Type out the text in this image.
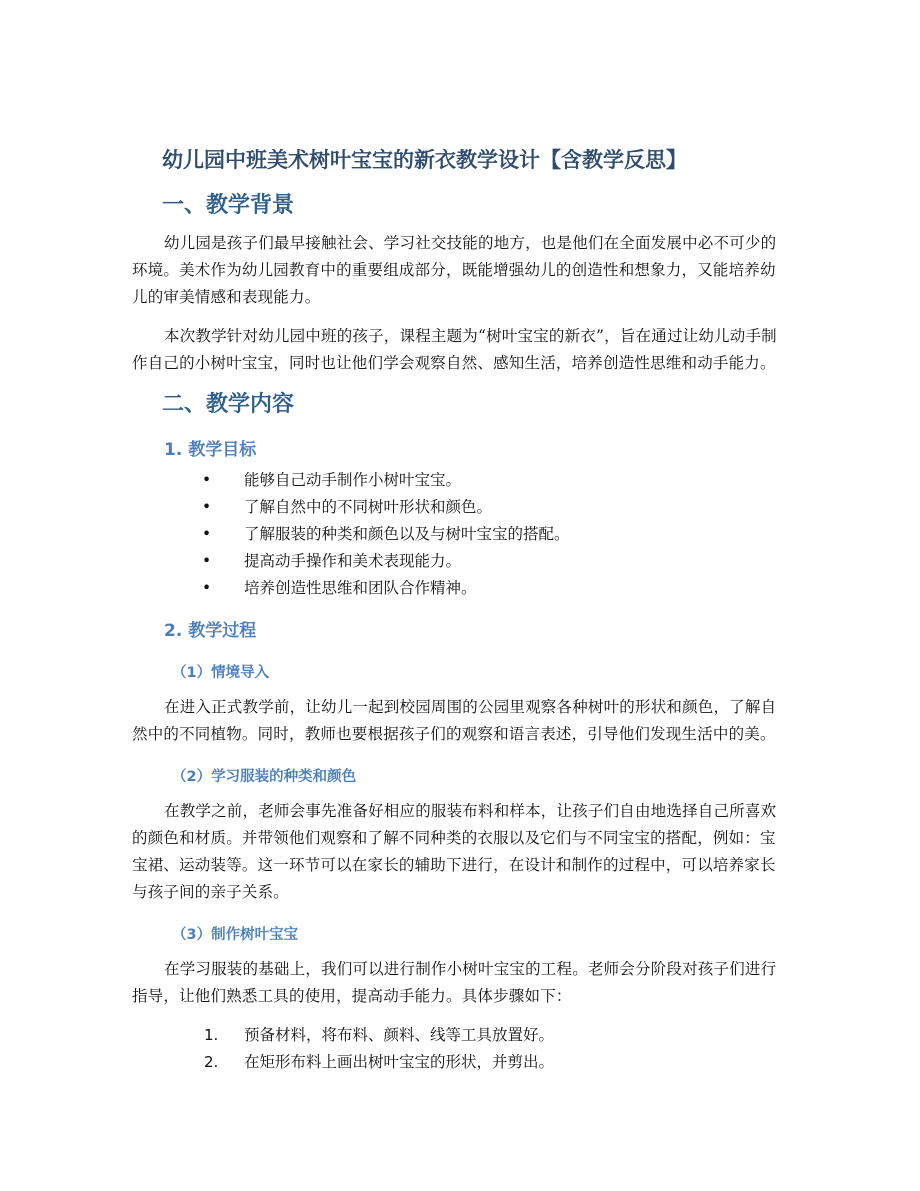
幼儿园中班美术树叶宝宝的新衣教学设计【含教学反思】
一、教学背景

幼儿园是孩子们最早接触社会、学习社交技能的地方，也是他们在全面发展中必不可少的环境。美术作为幼儿园教育中的重要组成部分，既能增强幼儿的创造性和想象力，又能培养幼儿的审美情感和表现能力。

本次教学针对幼儿园中班的孩子，课程主题为“树叶宝宝的新衣”，旨在通过让幼儿动手制作自己的小树叶宝宝，同时也让他们学会观察自然、感知生活，培养创造性思维和动手能力。

二、教学内容
1. 教学目标
• 能够自己动手制作小树叶宝宝。
• 了解自然中的不同树叶形状和颜色。
• 了解服装的种类和颜色以及与树叶宝宝的搭配。
• 提高动手操作和美术表现能力。
• 培养创造性思维和团队合作精神。
2. 教学过程
（1）情境导入

在进入正式教学前，让幼儿一起到校园周围的公园里观察各种树叶的形状和颜色，了解自然中的不同植物。同时，教师也要根据孩子们的观察和语言表述，引导他们发现生活中的美。

（2）学习服装的种类和颜色

在教学之前，老师会事先准备好相应的服装布料和样本，让孩子们自由地选择自己所喜欢的颜色和材质。并带领他们观察和了解不同种类的衣服以及它们与不同宝宝的搭配，例如：宝宝裙、运动装等。这一环节可以在家长的辅助下进行，在设计和制作的过程中，可以培养家长与孩子间的亲子关系。

（3）制作树叶宝宝

在学习服装的基础上，我们可以进行制作小树叶宝宝的工程。老师会分阶段对孩子们进行指导，让他们熟悉工具的使用，提高动手能力。具体步骤如下：

1. 预备材料，将布料、颜料、线等工具放置好。
2. 在矩形布料上画出树叶宝宝的形状，并剪出。
